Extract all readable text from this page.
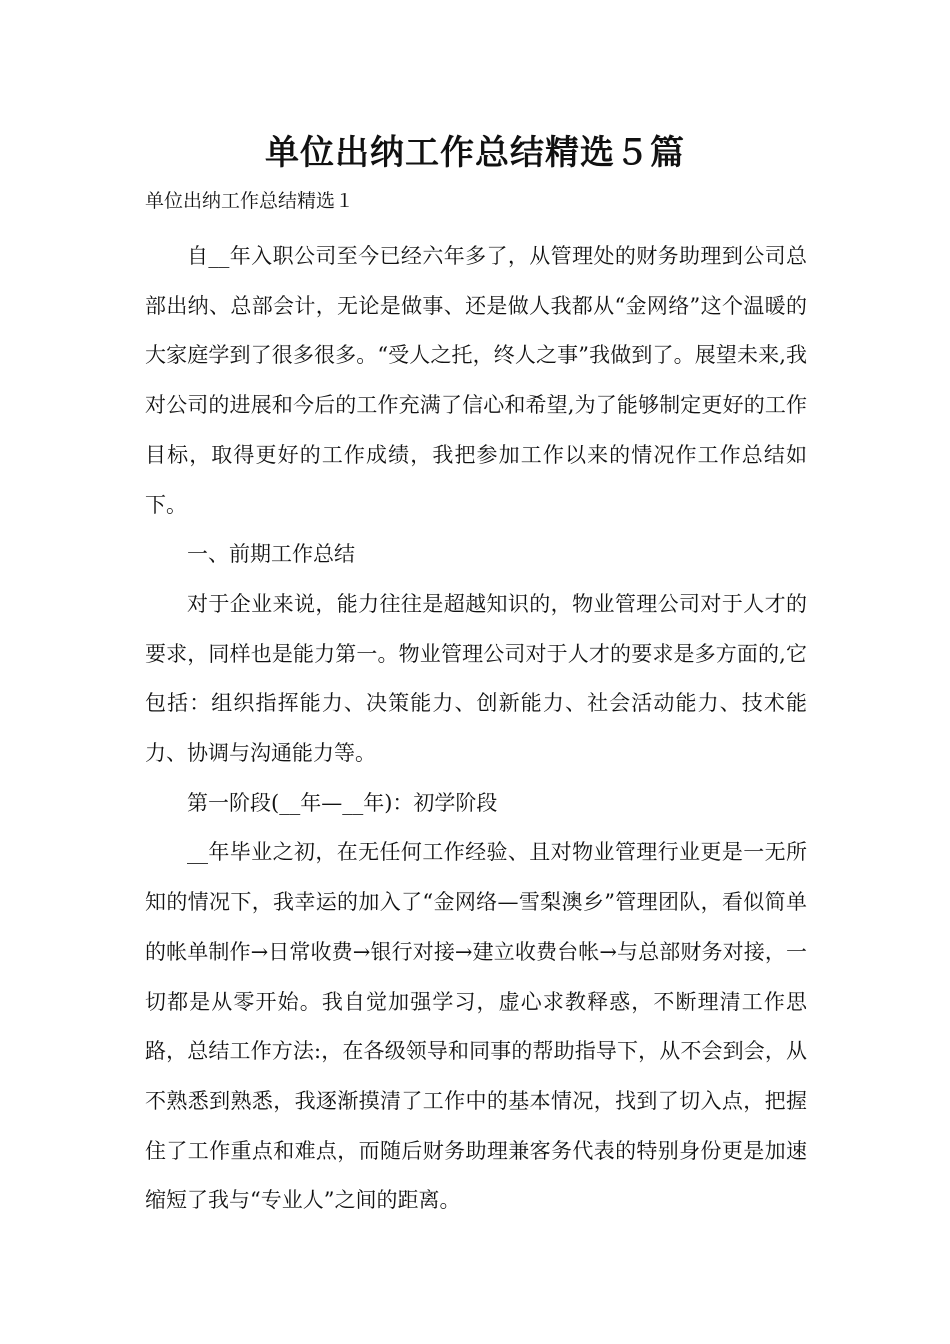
单位出纳工作总结精选５篇

单位出纳工作总结精选１

自__年入职公司至今已经六年多了，从管理处的财务助理到公司总部出纳、总部会计，无论是做事、还是做人我都从“金网络”这个温暖的大家庭学到了很多很多。“受人之托，终人之事”我做到了。展望未来,我对公司的进展和今后的工作充满了信心和希望,为了能够制定更好的工作目标，取得更好的工作成绩，我把参加工作以来的情况作工作总结如下。

一、前期工作总结

对于企业来说，能力往往是超越知识的，物业管理公司对于人才的要求，同样也是能力第一。物业管理公司对于人才的要求是多方面的,它包括：组织指挥能力、决策能力、创新能力、社会活动能力、技术能力、协调与沟通能力等。

第一阶段(__年—__年)：初学阶段

__年毕业之初，在无任何工作经验、且对物业管理行业更是一无所知的情况下，我幸运的加入了“金网络—雪梨澳乡”管理团队，看似简单的帐单制作→日常收费→银行对接→建立收费台帐→与总部财务对接，一切都是从零开始。我自觉加强学习，虚心求教释惑，不断理清工作思路，总结工作方法:，在各级领导和同事的帮助指导下，从不会到会，从不熟悉到熟悉，我逐渐摸清了工作中的基本情况，找到了切入点，把握住了工作重点和难点，而随后财务助理兼客务代表的特别身份更是加速缩短了我与“专业人”之间的距离。
